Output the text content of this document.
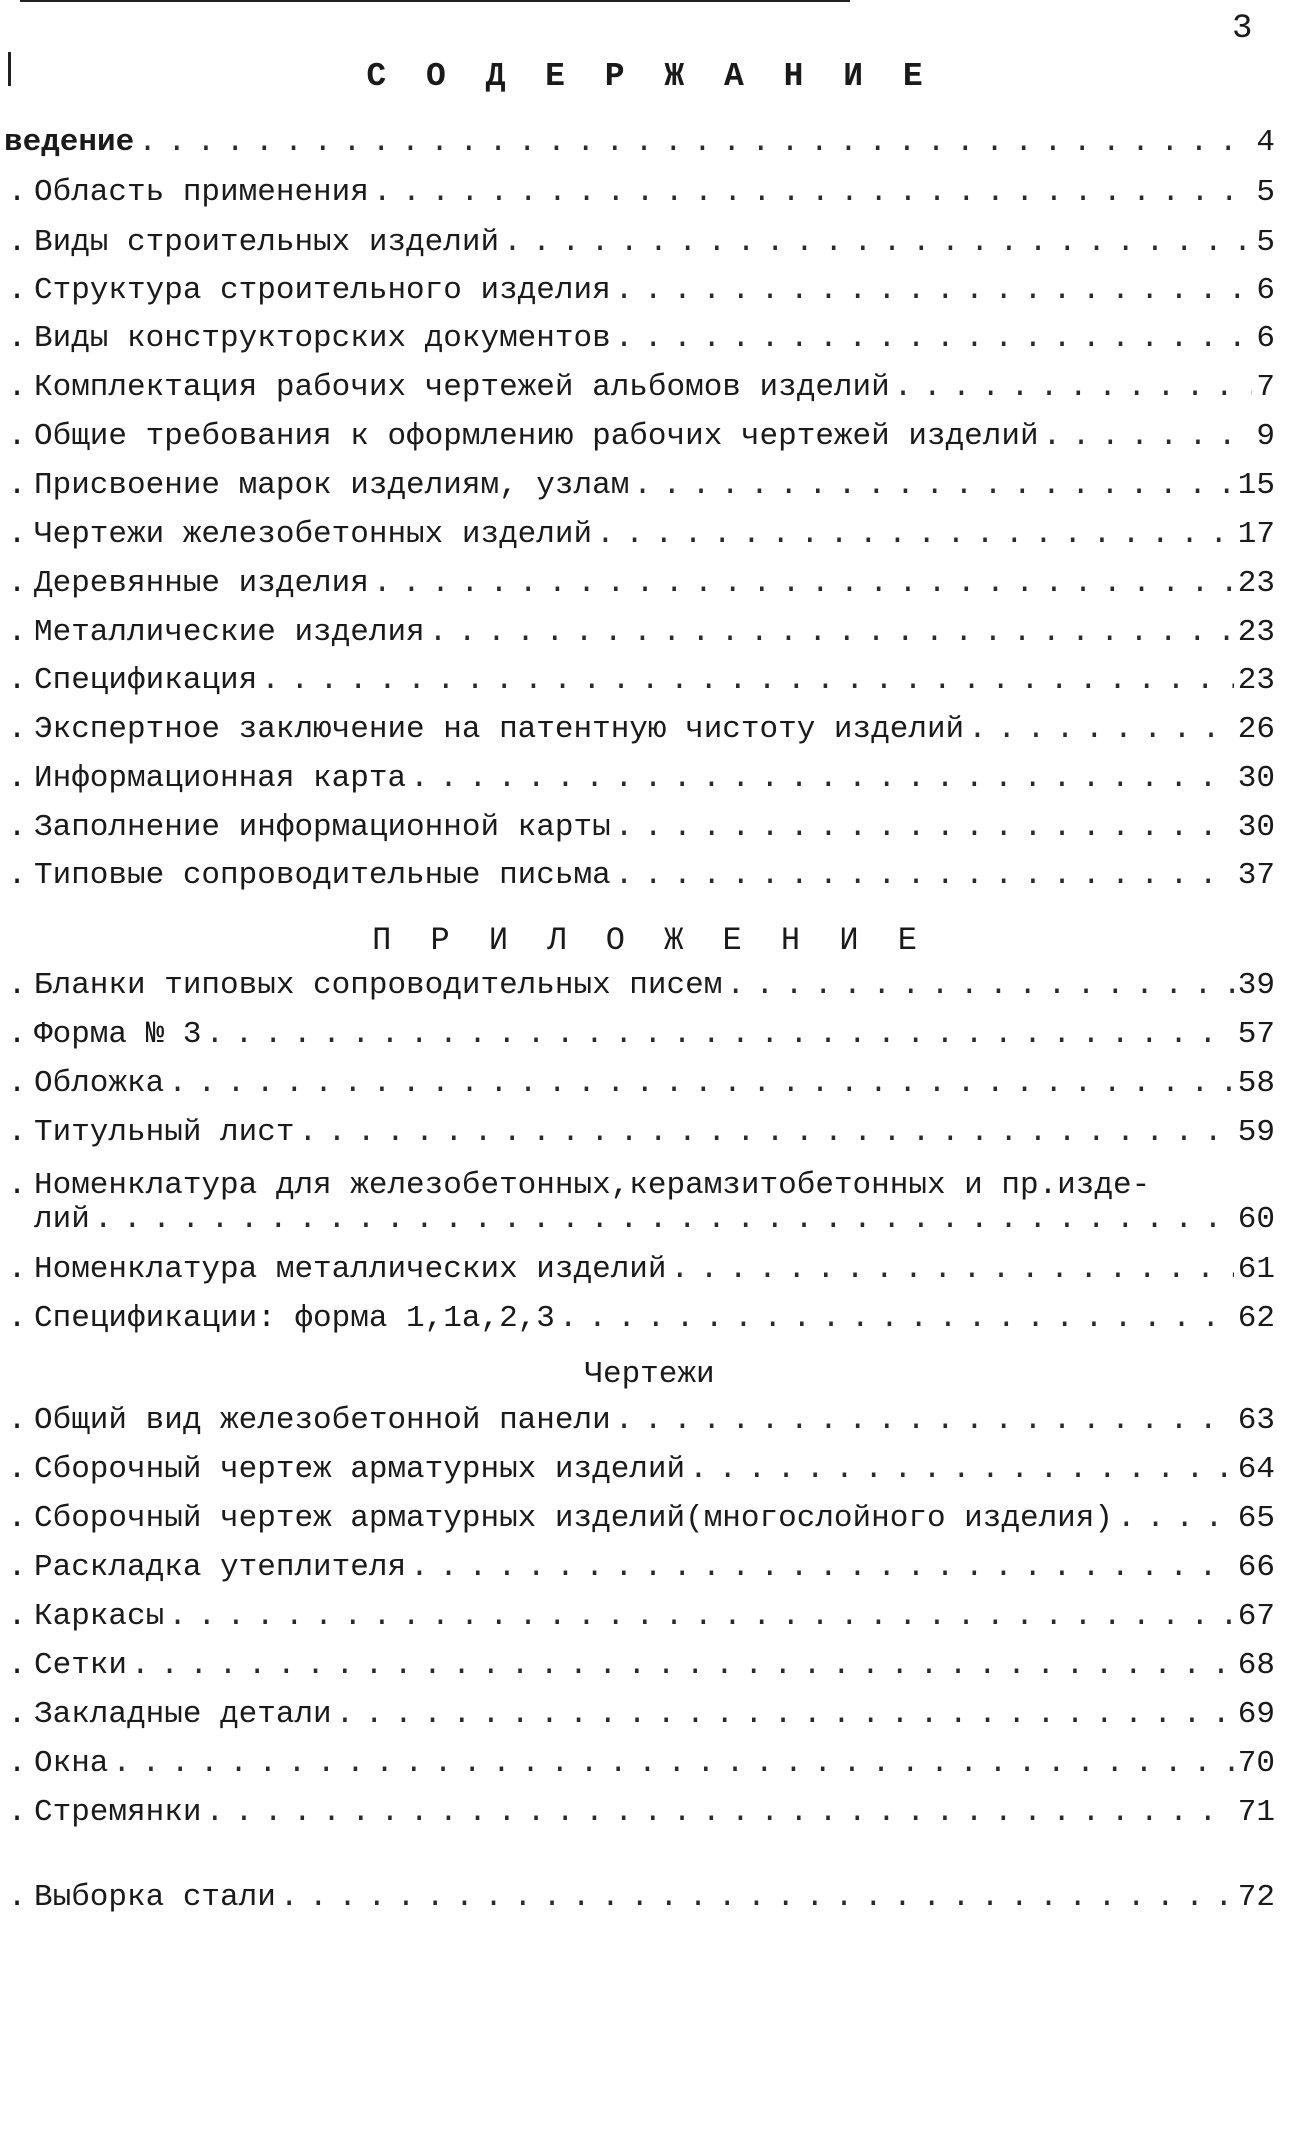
3
С О Д Е Р Ж А Н И Е
ведение . . .	4
. Область применения . . .	5
. Виды строительных изделий . . .	5
. Структура строительного изделия . . .	6
. Виды конструкторских документов . . .	6
. Комплектация рабочих чертежей альбомов изделий . . .	7
. Общие требования к оформлению рабочих чертежей изделий . . .	9
. Присвоение марок изделиям, узлам . . .	15
. Чертежи железобетонных изделий . . .	17
. Деревянные изделия . . .	23
. Металлические изделия . . .	23
. Спецификация . . .	23
. Экспертное заключение на патентную чистоту изделий . . .	26
. Информационная карта . . .	30
. Заполнение информационной карты . . .	30
. Типовые сопроводительные письма . . .	37
П Р И Л О Ж Е Н И Е
. Бланки типовых сопроводительных писем . . .	39
. Форма № 3 . . .	57
. Обложка . . .	58
. Титульный лист . . .	59
. Номенклатура для железобетонных,керамзитобетонных и пр.изде-
лий . . .	60
. Номенклатура металлических изделий . . .	61
. Спецификации: форма 1,1а,2,3 . . .	62
Чертежи
. Общий вид железобетонной панели . . .	63
. Сборочный чертеж арматурных изделий . . .	64
. Сборочный чертеж арматурных изделий(многослойного изделия) . . .	65
. Раскладка утеплителя . . .	66
. Каркасы . . .	67
. Сетки . . .	68
. Закладные детали . . .	69
. Окна . . .	70
. Стремянки . . .	71
. Выборка стали . . .	72
